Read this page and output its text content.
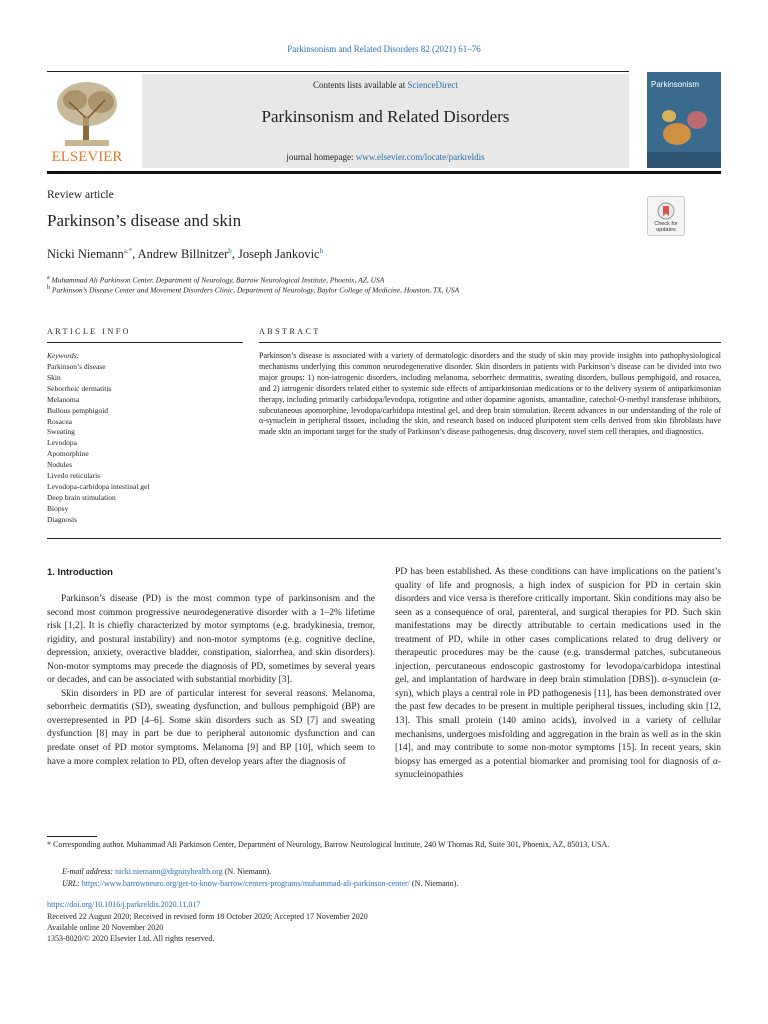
Parkinsonism and Related Disorders 82 (2021) 61–76
ELSEVIER
Contents lists available at ScienceDirect
Parkinsonism and Related Disorders
journal homepage: www.elsevier.com/locate/parkreldis
Parkinsonism
Review article
Parkinson’s disease and skin	Check for updates
Nicki Niemann$^{a,*}$, Andrew Billnitzer$^b$, Joseph Jankovic$^b$
$^a$ Muhammad Ali Parkinson Center, Department of Neurology, Barrow Neurological Institute, Phoenix, AZ, USA
$^b$ Parkinson’s Disease Center and Movement Disorders Clinic, Department of Neurology, Baylor College of Medicine, Houston, TX, USA
ARTICLE INFO	ABSTRACT
Keywords:
Parkinson’s disease
Skin
Seborrheic dermatitis
Melanoma
Bullous pemphigoid
Rosacea
Sweating
Levodopa
Apomorphine
Nodules
Livedo reticularis
Levodopa-carbidopa intestinal gel
Deep brain stimulation
Biopsy
Diagnosis

Parkinson’s disease is associated with a variety of dermatologic disorders and the study of skin may provide insights into pathophysiological mechanisms underlying this common neurodegenerative disorder. Skin disorders in patients with Parkinson’s disease can be divided into two major groups: 1) non-iatrogenic disorders, including melanoma, seborrheic dermatitis, sweating disorders, bullous pemphigoid, and rosacea, and 2) iatrogenic disorders related either to systemic side effects of antiparkinsonian medications or to the delivery system of antiparkinsonian therapy, including primarily carbidopa/levodopa, rotigotine and other dopamine agonists, amantadine, catechol-O-methyl transferase inhibitors, subcutaneous apomorphine, levodopa/carbidopa intestinal gel, and deep brain stimulation. Recent advances in our understanding of the role of α-synuclein in peripheral tissues, including the skin, and research based on induced pluripotent stem cells derived from skin fibroblasts have made skin an important target for the study of Parkinson’s disease pathogenesis, drug discovery, novel stem cell therapies, and diagnostics.

1. Introduction

Parkinson’s disease (PD) is the most common type of parkinsonism and the second most common progressive neurodegenerative disorder with a 1–2% lifetime risk [1,2]. It is chiefly characterized by motor symptoms (e.g. bradykinesia, tremor, rigidity, and postural instability) and non-motor symptoms (e.g. cognitive decline, depression, anxiety, overactive bladder, constipation, sialorrhea, and skin disorders). Non-motor symptoms may precede the diagnosis of PD, sometimes by several years or decades, and can be associated with substantial morbidity [3].

Skin disorders in PD are of particular interest for several reasons. Melanoma, seborrheic dermatitis (SD), sweating dysfunction, and bullous pemphigoid (BP) are overrepresented in PD [4–6]. Some skin disorders such as SD [7] and sweating dysfunction [8] may in part be due to peripheral autonomic dysfunction and can predate onset of PD motor symptoms. Melanoma [9] and BP [10], which seem to have a more complex relation to PD, often develop years after the diagnosis of

PD has been established. As these conditions can have implications on the patient’s quality of life and prognosis, a high index of suspicion for PD in certain skin disorders and vice versa is therefore critically important. Skin conditions may also be seen as a consequence of oral, parenteral, and surgical therapies for PD. Such skin manifestations may be directly attributable to certain medications used in the treatment of PD, while in other cases complications related to drug delivery or therapeutic procedures may be the cause (e.g. transdermal patches, subcutaneous injection, percutaneous endoscopic gastrostomy for levodopa/carbidopa intestinal gel, and implantation of hardware in deep brain stimulation [DBS]). α-synuclein (α-syn), which plays a central role in PD pathogenesis [11], has been demonstrated over the past few decades to be present in multiple peripheral tissues, including skin [12, 13]. This small protein (140 amino acids), involved in a variety of cellular mechanisms, undergoes misfolding and aggregation in the brain as well as in the skin [14], and may contribute to some non-motor symptoms [15]. In recent years, skin biopsy has emerged as a potential biomarker and promising tool for diagnosis of α-synucleinopathies

* Corresponding author. Muhammad Ali Parkinson Center, Department of Neurology, Barrow Neurological Institute, 240 W Thomas Rd, Suite 301, Phoenix, AZ, 85013, USA.
E-mail address: nicki.niemann@dignityhealth.org (N. Niemann).
URL: https://www.barrowneuro.org/get-to-know-barrow/centers-programs/muhammad-ali-parkinson-center/ (N. Niemann).
https://doi.org/10.1016/j.parkreldis.2020.11.017
Received 22 August 2020; Received in revised form 18 October 2020; Accepted 17 November 2020
Available online 20 November 2020
1353-8020/© 2020 Elsevier Ltd. All rights reserved.
